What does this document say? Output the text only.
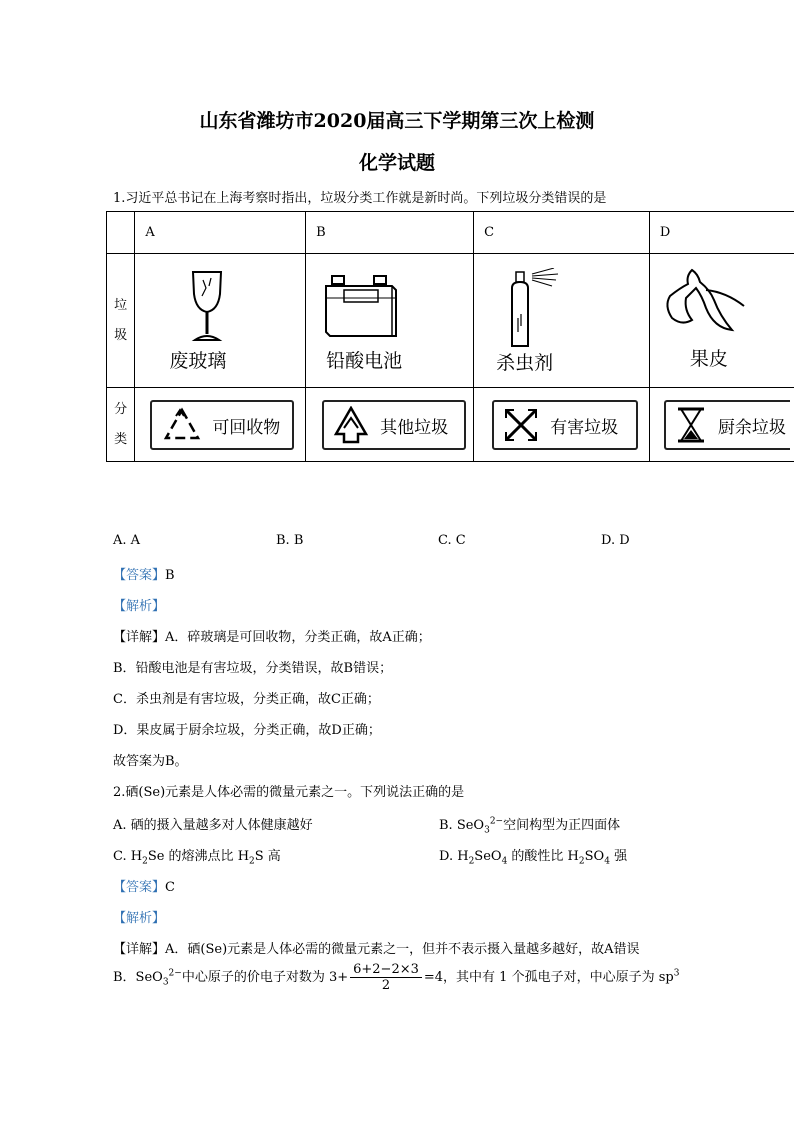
山东省潍坊市2020届高三下学期第三次上检测
化学试题
1.习近平总书记在上海考察时指出，垃圾分类工作就是新时尚。下列垃圾分类错误的是
	A	B	C	D

垃
圾	废玻璃	铅酸电池	杀虫剂	果皮

分
类	可回收物	其他垃圾	有害垃圾	厨余垃圾
A. A	B. B	C. C	D. D
【答案】B
【解析】
【详解】A．碎玻璃是可回收物，分类正确，故A正确；
B．铅酸电池是有害垃圾，分类错误，故B错误；
C．杀虫剂是有害垃圾，分类正确，故C正确；
D．果皮属于厨余垃圾，分类正确，故D正确；
故答案为B。
2.硒(Se)元素是人体必需的微量元素之一。下列说法正确的是
A. 硒的摄入量越多对人体健康越好	B. SeO$_3^{2-}$空间构型为正四面体
C. $H_2Se$ 的熔沸点比 $H_2S$ 高	D. $H_2SeO_4$ 的酸性比 $H_2SO_4$ 强
【答案】C
【解析】
【详解】A．硒(Se)元素是人体必需的微量元素之一，但并不表示摄入量越多越好，故A错误
B．SeO$_3^{2-}$中心原子的价电子对数为 $3+ \frac{6+2-2\times 3}{2} =4$，其中有 1 个孤电子对，中心原子为 $sp^3$
